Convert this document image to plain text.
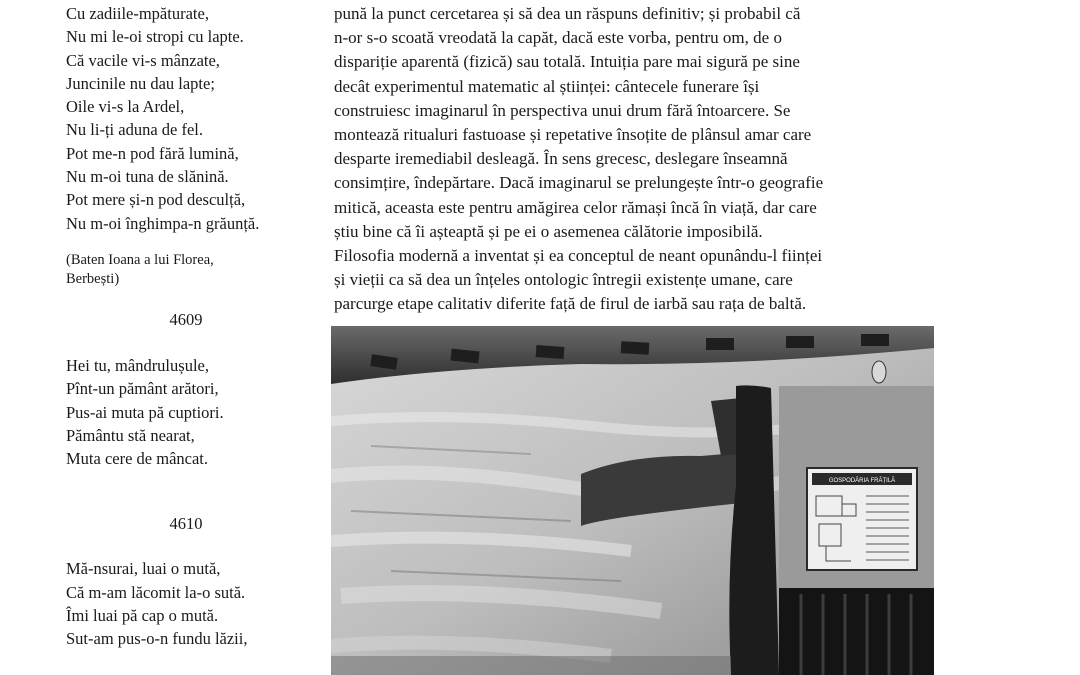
Cu zadiile-mpăturate,
Nu mi le-oi stropi cu lapte.
Că vacile vi-s mânzate,
Juncinile nu dau lapte;
Oile vi-s la Ardel,
Nu li-ți aduna de fel.
Pot me-n pod fără lumină,
Nu m-oi tuna de slănină.
Pot mere și-n pod desculță,
Nu m-oi înghimpa-n grăunță.
(Baten Ioana a lui Florea,
Berbești)
4609
Hei tu, mândrulușule,
Pînt-un pământ arători,
Pus-ai muta pă cuptiori.
Pământu stă nearat,
Muta cere de mâncat.
4610
Mă-nsurai, luai o mută,
Că m-am lăcomit la-o sută.
Îmi luai pă cap o mută.
Sut-am pus-o-n fundu lăzii,
pună la punct cercetarea și să dea un răspuns definitiv; și probabil că
n-or s-o scoată vreodată la capăt, dacă este vorba, pentru om, de o
dispariție aparentă (fizică) sau totală. Intuiția pare mai sigură pe sine
decât experimentul matematic al științei: cântecele funerare își
construiesc imaginarul în perspectiva unui drum fără întoarcere. Se
montează ritualuri fastuoase și repetative însoțite de plânsul amar care
desparte iremediabil desleagă. În sens grecesc, deslegare înseamnă
consimțire, îndepărtare. Dacă imaginarul se prelungește într-o geografie
mitică, aceasta este pentru amăgirea celor rămași încă în viață, dar care
știu bine că îi așteaptă și pe ei o asemenea călătorie imposibilă.
Filosofia modernă a inventat și ea conceptul de neant opunându-l ființei
și vieții ca să dea un înțeles ontologic întregii existențe umane, care
parcurge etape calitativ diferite față de firul de iarbă sau rața de baltă.
GOSPODĂRIA FRĂȚILĂ
